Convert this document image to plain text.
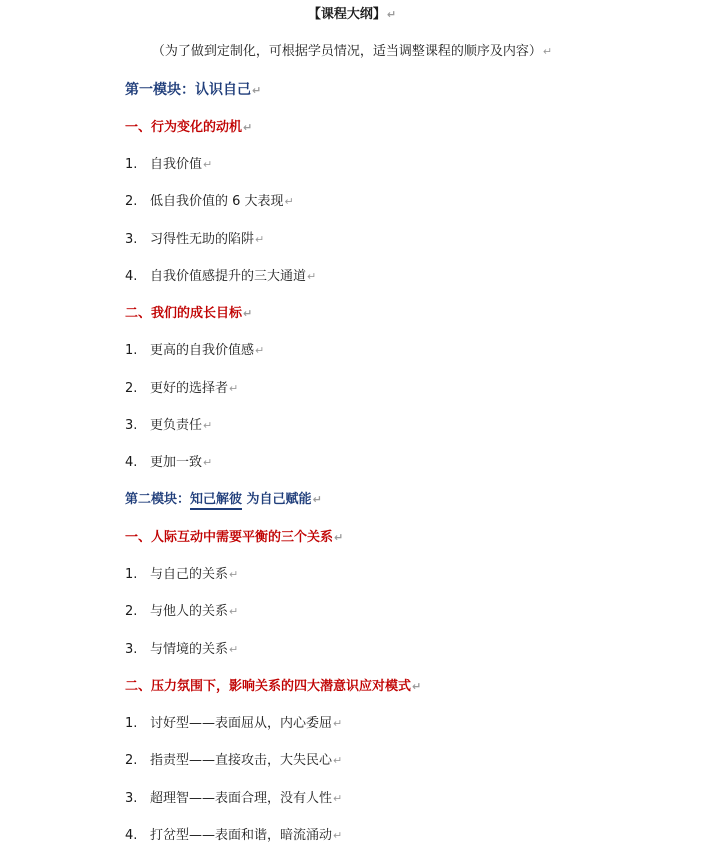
【课程大纲】↵
（为了做到定制化，可根据学员情况，适当调整课程的顺序及内容）↵
第一模块：认识自己↵
一、行为变化的动机↵
1. 自我价值↵
2. 低自我价值的 6 大表现↵
3. 习得性无助的陷阱↵
4. 自我价值感提升的三大通道↵
二、我们的成长目标↵
1. 更高的自我价值感↵
2. 更好的选择者↵
3. 更负责任↵
4. 更加一致↵
第二模块：知己解彼 为自己赋能↵
一、人际互动中需要平衡的三个关系↵
1. 与自己的关系↵
2. 与他人的关系↵
3. 与情境的关系↵
二、压力氛围下，影响关系的四大潜意识应对模式↵
1. 讨好型——表面屈从，内心委屈↵
2. 指责型——直接攻击，大失民心↵
3. 超理智——表面合理，没有人性↵
4. 打岔型——表面和谐，暗流涌动↵
